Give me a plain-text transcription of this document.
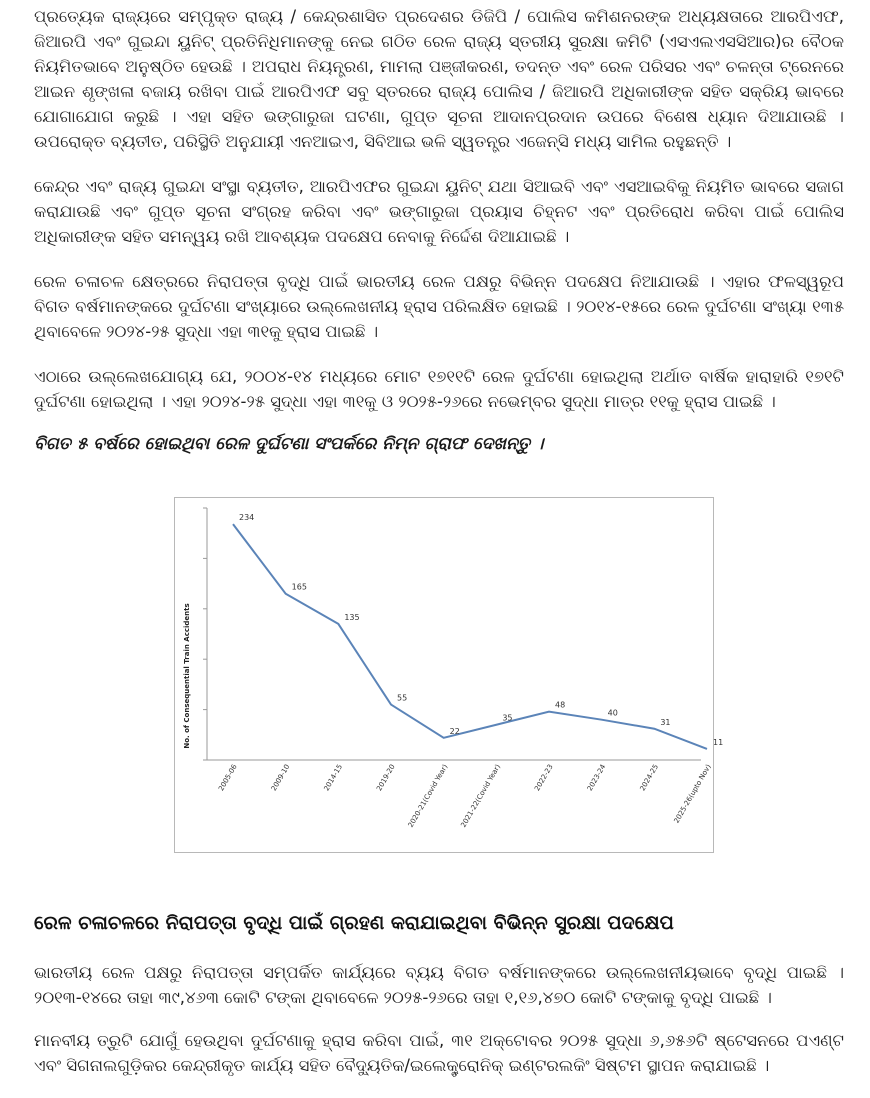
ପ୍ରତ୍ୟେକ ରାଜ୍ୟରେ ସମ୍ପୃକ୍ତ ରାଜ୍ୟ / କେନ୍ଦ୍ରଶାସିତ ପ୍ରଦେଶର ଡିଜିପି / ପୋଲିସ କମିଶନରଙ୍କ ଅଧ୍ୟକ୍ଷତାରେ ଆରପିଏଫ, ଜିଆରପି ଏବଂ ଗୁଇନ୍ଦା ୟୁନିଟ୍ ପ୍ରତିନିଧିମାନଙ୍କୁ ନେଇ ଗଠିତ ରେଳ ରାଜ୍ୟ ସ୍ତରୀୟ ସୁରକ୍ଷା କମିଟି (ଏସଏଲଏସସିଆର)ର ବୈଠକ ନିୟମିତଭାବେ ଅନୁଷ୍ଠିତ ହେଉଛି । ଅପରାଧ ନିୟନ୍ତ୍ରଣ, ମାମଲା ପଞ୍ଜୀକରଣ, ତଦନ୍ତ ଏବଂ ରେଳ ପରିସର ଏବଂ ଚଳନ୍ତା ଟ୍ରେନରେ ଆଇନ ଶୃଙ୍ଖଳା ବଜାୟ ରଖିବା ପାଇଁ ଆରପିଏଫ ସବୁ ସ୍ତରରେ ରାଜ୍ୟ ପୋଲିସ / ଜିଆରପି ଅଧିକାରୀଙ୍କ ସହିତ ସକ୍ରିୟ ଭାବରେ ଯୋଗାଯୋଗ କରୁଛି । ଏହା ସହିତ ଭଙ୍ଗାରୁଜା ଘଟଣା, ଗୁପ୍ତ ସୂଚନା ଆଦାନପ୍ରଦାନ ଉପରେ ବିଶେଷ ଧ୍ୟାନ ଦିଆଯାଉଛି । ଉପରୋକ୍ତ ବ୍ୟତୀତ, ପରିସ୍ଥିତି ଅନୁଯାୟୀ ଏନଆଇଏ, ସିବିଆଇ ଭଳି ସ୍ୱତନ୍ତ୍ର ଏଜେନ୍ସି ମଧ୍ୟ ସାମିଲ ରହୁଛନ୍ତି ।

କେନ୍ଦ୍ର ଏବଂ ରାଜ୍ୟ ଗୁଇନ୍ଦା ସଂସ୍ଥା ବ୍ୟତୀତ, ଆରପିଏଫର ଗୁଇନ୍ଦା ୟୁନିଟ୍ ଯଥା ସିଆଇବି ଏବଂ ଏସଆଇବିକୁ ନିୟମିତ ଭାବରେ ସଜାଗ କରାଯାଉଛି ଏବଂ ଗୁପ୍ତ ସୂଚନା ସଂଗ୍ରହ କରିବା ଏବଂ ଭଙ୍ଗାରୁଜା ପ୍ରୟାସ ଚିହ୍ନଟ ଏବଂ ପ୍ରତିରୋଧ କରିବା ପାଇଁ ପୋଲିସ ଅଧିକାରୀଙ୍କ ସହିତ ସମନ୍ୱୟ ରଖି ଆବଶ୍ୟକ ପଦକ୍ଷେପ ନେବାକୁ ନିର୍ଦ୍ଦେଶ ଦିଆଯାଇଛି ।

ରେଳ ଚଳାଚଳ କ୍ଷେତ୍ରରେ ନିରାପତ୍ତା ବୃଦ୍ଧି ପାଇଁ ଭାରତୀୟ ରେଳ ପକ୍ଷରୁ ବିଭିନ୍ନ ପଦକ୍ଷେପ ନିଆଯାଉଛି । ଏହାର ଫଳସ୍ୱରୂପ ବିଗତ ବର୍ଷମାନଙ୍କରେ ଦୁର୍ଘଟଣା ସଂଖ୍ୟାରେ ଉଲ୍ଲେଖନୀୟ ହ୍ରାସ ପରିଲକ୍ଷିତ ହୋଇଛି । ୨୦୧୪-୧୫ରେ ରେଳ ଦୁର୍ଘଟଣା ସଂଖ୍ୟା ୧୩୫ ଥିବାବେଳେ ୨୦୨୪-୨୫ ସୁଦ୍ଧା ଏହା ୩୧କୁ ହ୍ରାସ ପାଇଛି ।

ଏଠାରେ ଉଲ୍ଲେଖଯୋଗ୍ୟ ଯେ, ୨୦୦୪-୧୪ ମଧ୍ୟରେ ମୋଟ ୧୭୧୧ଟି ରେଳ ଦୁର୍ଘଟଣା ହୋଇଥିଲା ଅର୍ଥାତ ବାର୍ଷିକ ହାରାହାରି ୧୭୧ଟି ଦୁର୍ଘଟଣା ହୋଇଥିଲା । ଏହା ୨୦୨୪-୨୫ ସୁଦ୍ଧା ଏହା ୩୧କୁ ଓ ୨୦୨୫-୨୬ରେ ନଭେମ୍ବର ସୁଦ୍ଧା ମାତ୍ର ୧୧କୁ ହ୍ରାସ ପାଇଛି ।

ବିଗତ ୫ ବର୍ଷରେ ହୋଇଥିବା ରେଳ ଦୁର୍ଘଟଣା ସଂପର୍କରେ ନିମ୍ନ ଗ୍ରାଫ ଦେଖନ୍ତୁ ।
No. of Consequential Train Accidents
234
165
135
55
22
35
48
40
31
11
2005-06	2009-10	2014-15	2019-20 2020-21(Covid Year) 2021-22(Covid Year)	2022-23	2023-24	2024-25 2025-26(upto Nov)
ରେଳ ଚଳାଚଳରେ ନିରାପତ୍ତା ବୃଦ୍ଧି ପାଇଁ ଗ୍ରହଣ କରାଯାଇଥିବା ବିଭିନ୍ନ ସୁରକ୍ଷା ପଦକ୍ଷେପ

ଭାରତୀୟ ରେଳ ପକ୍ଷରୁ ନିରାପତ୍ତା ସମ୍ପର୍କିତ କାର୍ଯ୍ୟରେ ବ୍ୟୟ ବିଗତ ବର୍ଷମାନଙ୍କରେ ଉଲ୍ଲେଖନୀୟଭାବେ ବୃଦ୍ଧି ପାଇଛି । ୨୦୧୩-୧୪ରେ ତାହା ୩୯,୪୬୩ କୋଟି ଟଙ୍କା ଥିବାବେଳେ ୨୦୨୫-୨୬ରେ ତାହା ୧,୧୬,୪୭୦ କୋଟି ଟଙ୍କାକୁ ବୃଦ୍ଧି ପାଇଛି ।

ମାନବୀୟ ତ୍ରୁଟି ଯୋଗୁଁ ହେଉଥିବା ଦୁର୍ଘଟଣାକୁ ହ୍ରାସ କରିବା ପାଇଁ, ୩୧ ଅକ୍ଟୋବର ୨୦୨୫ ସୁଦ୍ଧା ୬,୬୫୬ଟି ଷ୍ଟେସନରେ ପଏଣ୍ଟ ଏବଂ ସିଗନାଲଗୁଡ଼ିକର କେନ୍ଦ୍ରୀକୃତ କାର୍ଯ୍ୟ ସହିତ ବୈଦ୍ୟୁତିକ/ଇଲେକ୍ଟ୍ରୋନିକ୍ ଇଣ୍ଟରଲକିଂ ସିଷ୍ଟମ ସ୍ଥାପନ କରାଯାଇଛି ।
